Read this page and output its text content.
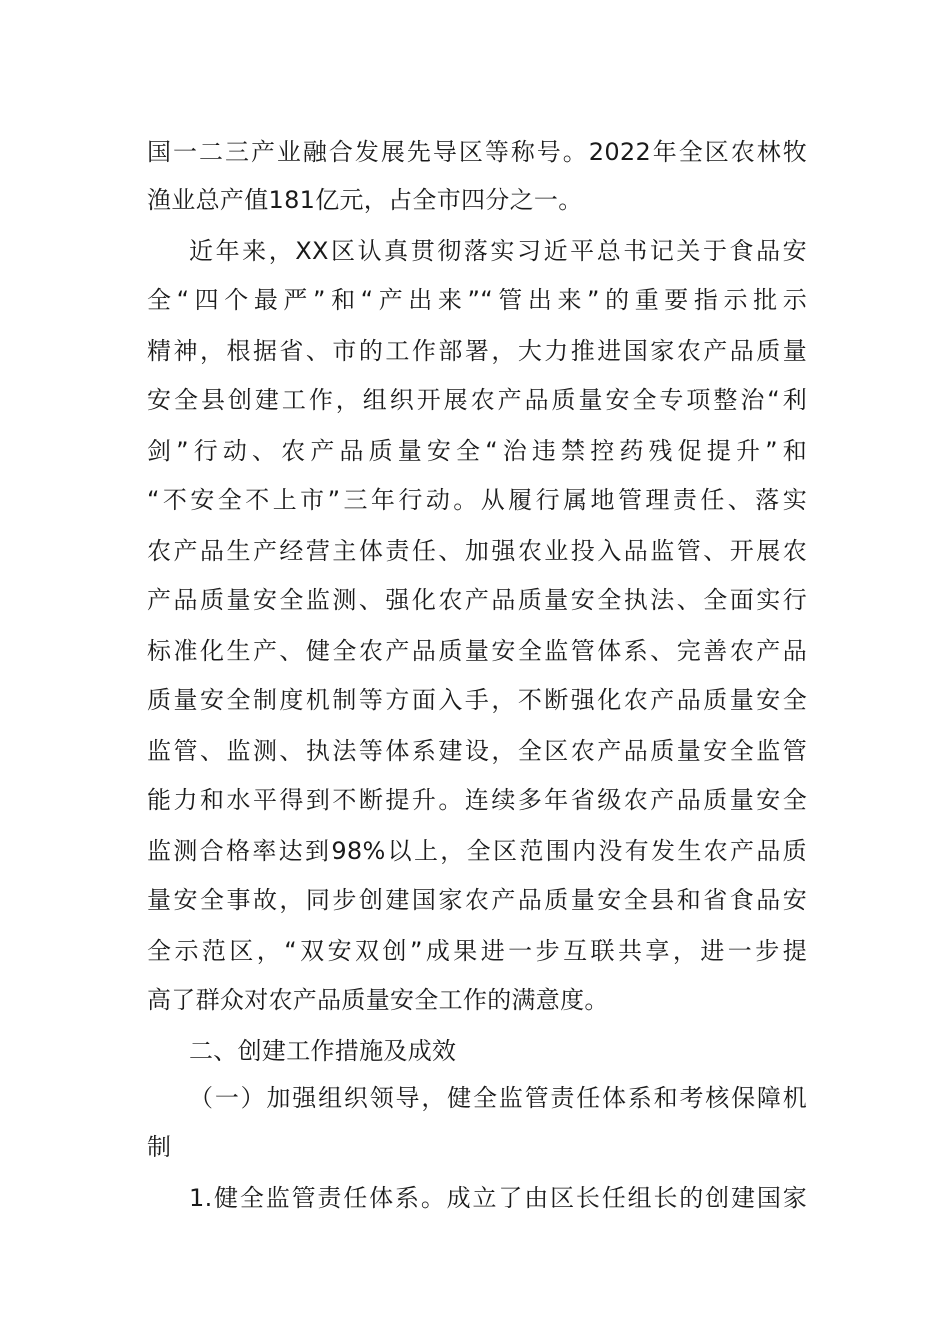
国一二三产业融合发展先导区等称号。2022年全区农林牧
渔业总产值181亿元，占全市四分之一。
近年来，XX区认真贯彻落实习近平总书记关于食品安
全“四个最严”和“产出来”“管出来”的重要指示批示
精神，根据省、市的工作部署，大力推进国家农产品质量
安全县创建工作，组织开展农产品质量安全专项整治“利
剑”行动、农产品质量安全“治违禁控药残促提升”和
“不安全不上市”三年行动。从履行属地管理责任、落实
农产品生产经营主体责任、加强农业投入品监管、开展农
产品质量安全监测、强化农产品质量安全执法、全面实行
标准化生产、健全农产品质量安全监管体系、完善农产品
质量安全制度机制等方面入手，不断强化农产品质量安全
监管、监测、执法等体系建设，全区农产品质量安全监管
能力和水平得到不断提升。连续多年省级农产品质量安全
监测合格率达到98%以上，全区范围内没有发生农产品质
量安全事故，同步创建国家农产品质量安全县和省食品安
全示范区，“双安双创”成果进一步互联共享，进一步提
高了群众对农产品质量安全工作的满意度。
二、创建工作措施及成效
（一）加强组织领导，健全监管责任体系和考核保障机
制
1.健全监管责任体系。成立了由区长任组长的创建国家
